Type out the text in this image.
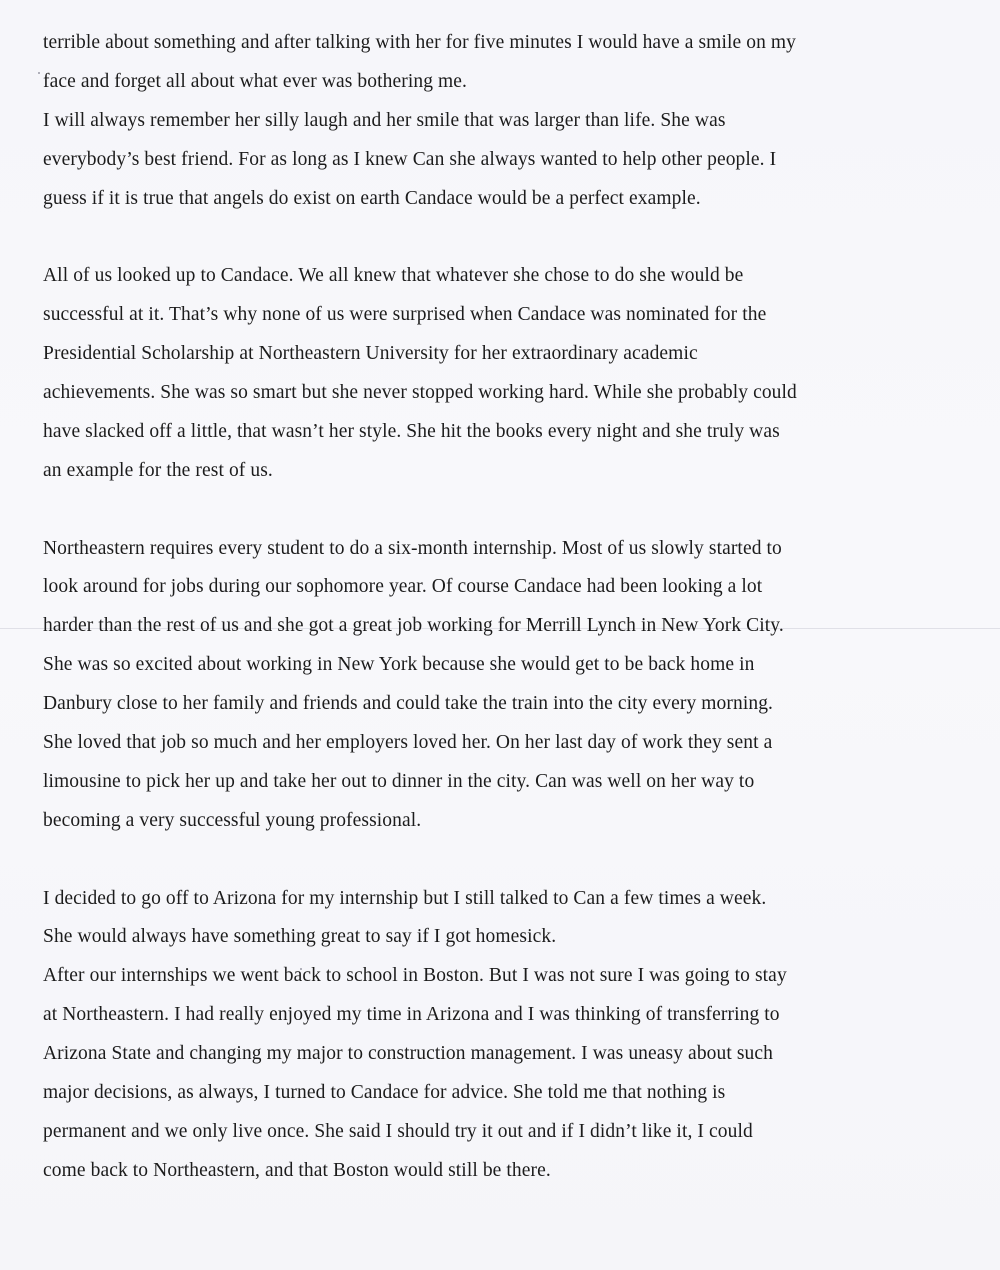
terrible about something and after talking with her for five minutes I would have a smile on my
face and forget all about what ever was bothering me.
I will always remember her silly laugh and her smile that was larger than life. She was
everybody’s best friend. For as long as I knew Can she always wanted to help other people. I
guess if it is true that angels do exist on earth Candace would be a perfect example.
All of us looked up to Candace. We all knew that whatever she chose to do she would be
successful at it. That’s why none of us were surprised when Candace was nominated for the
Presidential Scholarship at Northeastern University for her extraordinary academic
achievements. She was so smart but she never stopped working hard. While she probably could
have slacked off a little, that wasn’t her style. She hit the books every night and she truly was
an example for the rest of us.
Northeastern requires every student to do a six-month internship. Most of us slowly started to
look around for jobs during our sophomore year. Of course Candace had been looking a lot
harder than the rest of us and she got a great job working for Merrill Lynch in New York City.
She was so excited about working in New York because she would get to be back home in
Danbury close to her family and friends and could take the train into the city every morning.
She loved that job so much and her employers loved her. On her last day of work they sent a
limousine to pick her up and take her out to dinner in the city. Can was well on her way to
becoming a very successful young professional.
I decided to go off to Arizona for my internship but I still talked to Can a few times a week.
She would always have something great to say if I got homesick.
After our internships we went back to school in Boston. But I was not sure I was going to stay
at Northeastern. I had really enjoyed my time in Arizona and I was thinking of transferring to
Arizona State and changing my major to construction management. I was uneasy about such
major decisions, as always, I turned to Candace for advice. She told me that nothing is
permanent and we only live once. She said I should try it out and if I didn’t like it, I could
come back to Northeastern, and that Boston would still be there.
